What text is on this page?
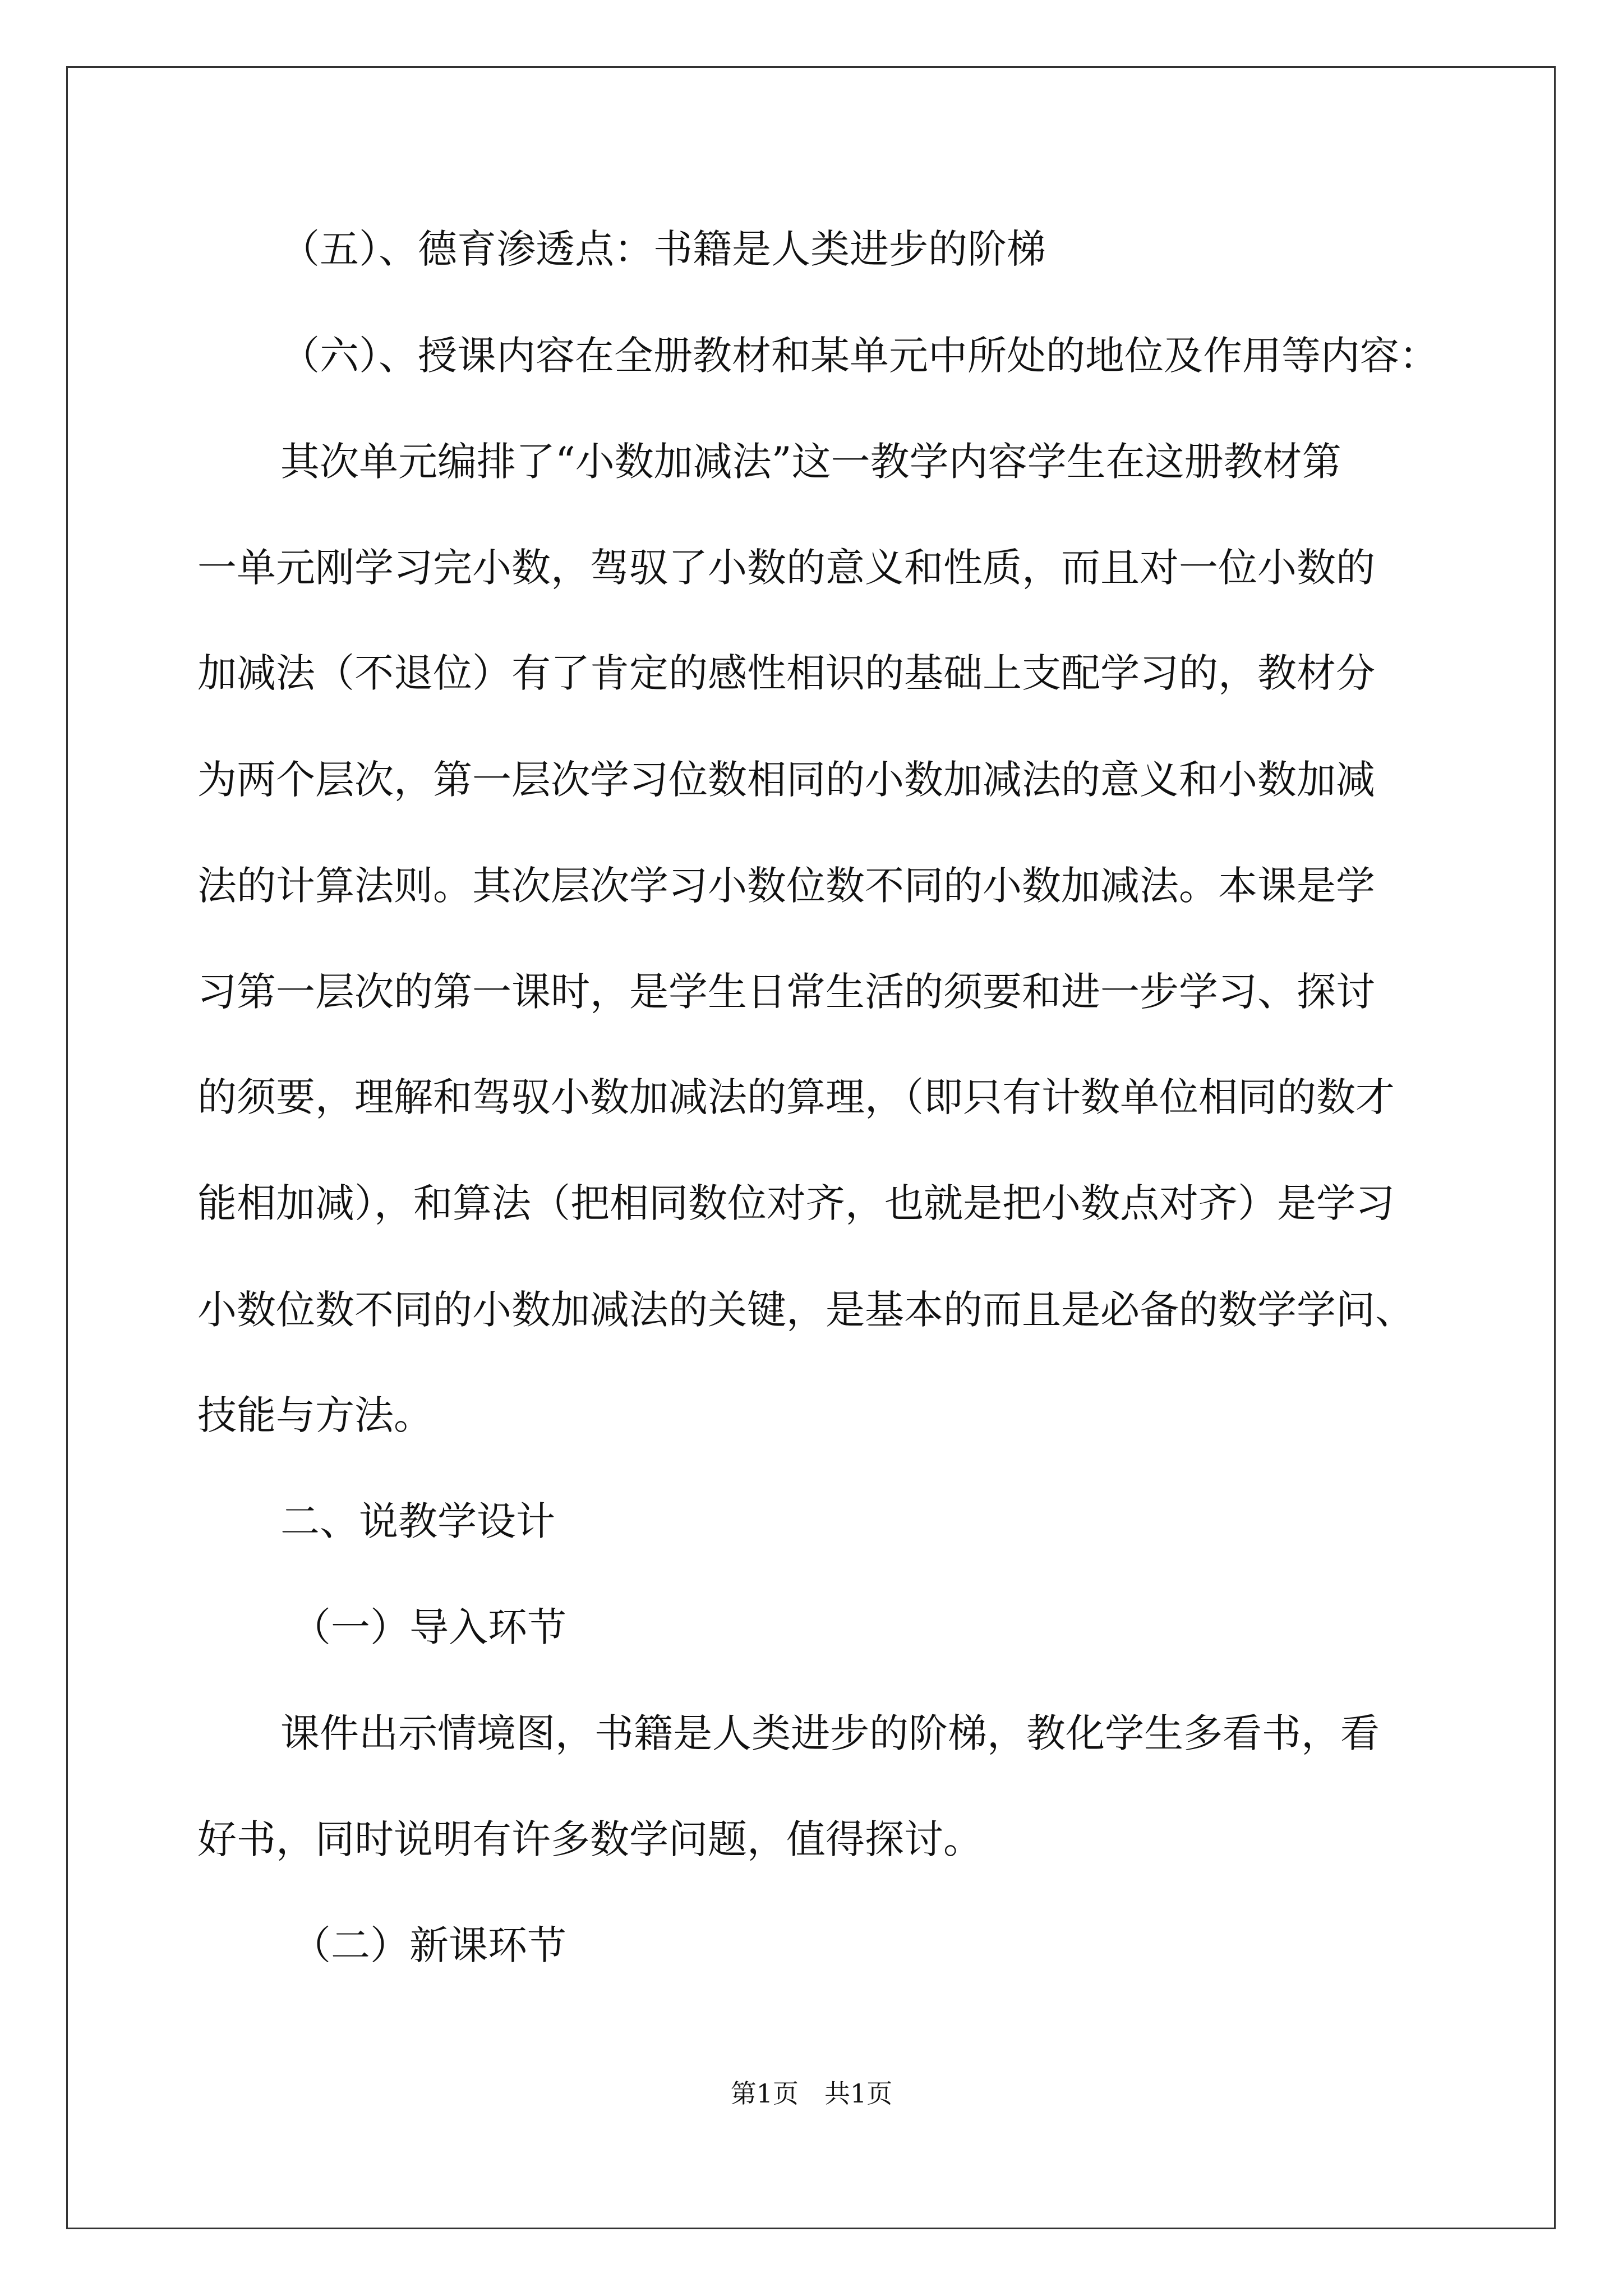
（五）、德育渗透点：书籍是人类进步的阶梯

（六）、授课内容在全册教材和某单元中所处的地位及作用等内容：

其次单元编排了“小数加减法”这一教学内容学生在这册教材第

一单元刚学习完小数，驾驭了小数的意义和性质，而且对一位小数的

加减法（不退位）有了肯定的感性相识的基础上支配学习的，教材分

为两个层次，第一层次学习位数相同的小数加减法的意义和小数加减

法的计算法则。其次层次学习小数位数不同的小数加减法。本课是学

习第一层次的第一课时，是学生日常生活的须要和进一步学习、探讨

的须要，理解和驾驭小数加减法的算理，（即只有计数单位相同的数才

能相加减），和算法（把相同数位对齐，也就是把小数点对齐）是学习

小数位数不同的小数加减法的关键，是基本的而且是必备的数学学问、

技能与方法。

二、说教学设计

（一）导入环节

课件出示情境图，书籍是人类进步的阶梯，教化学生多看书，看

好书，同时说明有许多数学问题，值得探讨。

（二）新课环节

第1页　共1页
